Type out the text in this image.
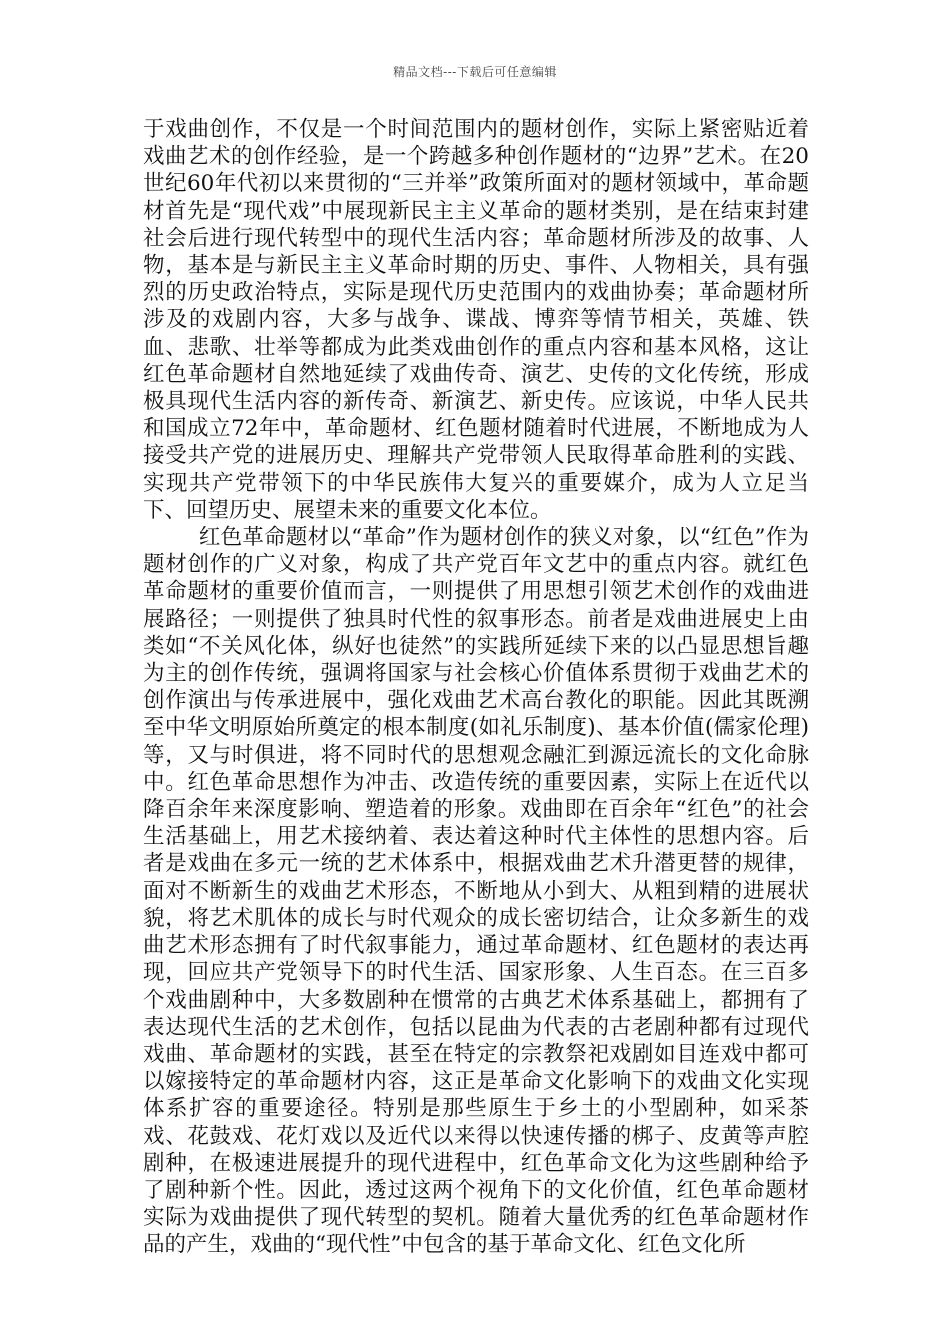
精品文档---下载后可任意编辑

于戏曲创作，不仅是一个时间范围内的题材创作，实际上紧密贴近着戏曲艺术的创作经验，是一个跨越多种创作题材的“边界”艺术。在20世纪60年代初以来贯彻的“三并举”政策所面对的题材领域中，革命题材首先是“现代戏”中展现新民主主义革命的题材类别，是在结束封建社会后进行现代转型中的现代生活内容；革命题材所涉及的故事、人物，基本是与新民主主义革命时期的历史、事件、人物相关，具有强烈的历史政治特点，实际是现代历史范围内的戏曲协奏；革命题材所涉及的戏剧内容，大多与战争、谍战、博弈等情节相关，英雄、铁血、悲歌、壮举等都成为此类戏曲创作的重点内容和基本风格，这让红色革命题材自然地延续了戏曲传奇、演艺、史传的文化传统，形成极具现代生活内容的新传奇、新演艺、新史传。应该说，中华人民共和国成立72年中，革命题材、红色题材随着时代进展，不断地成为人接受共产党的进展历史、理解共产党带领人民取得革命胜利的实践、实现共产党带领下的中华民族伟大复兴的重要媒介，成为人立足当下、回望历史、展望未来的重要文化本位。

红色革命题材以“革命”作为题材创作的狭义对象，以“红色”作为题材创作的广义对象，构成了共产党百年文艺中的重点内容。就红色革命题材的重要价值而言，一则提供了用思想引领艺术创作的戏曲进展路径；一则提供了独具时代性的叙事形态。前者是戏曲进展史上由类如“不关风化体，纵好也徒然”的实践所延续下来的以凸显思想旨趣为主的创作传统，强调将国家与社会核心价值体系贯彻于戏曲艺术的创作演出与传承进展中，强化戏曲艺术高台教化的职能。因此其既溯至中华文明原始所奠定的根本制度(如礼乐制度)、基本价值(儒家伦理)等，又与时俱进，将不同时代的思想观念融汇到源远流长的文化命脉中。红色革命思想作为冲击、改造传统的重要因素，实际上在近代以降百余年来深度影响、塑造着的形象。戏曲即在百余年“红色”的社会生活基础上，用艺术接纳着、表达着这种时代主体性的思想内容。后者是戏曲在多元一统的艺术体系中，根据戏曲艺术升潜更替的规律，面对不断新生的戏曲艺术形态，不断地从小到大、从粗到精的进展状貌，将艺术肌体的成长与时代观众的成长密切结合，让众多新生的戏曲艺术形态拥有了时代叙事能力，通过革命题材、红色题材的表达再现，回应共产党领导下的时代生活、国家形象、人生百态。在三百多个戏曲剧种中，大多数剧种在惯常的古典艺术体系基础上，都拥有了表达现代生活的艺术创作，包括以昆曲为代表的古老剧种都有过现代戏曲、革命题材的实践，甚至在特定的宗教祭祀戏剧如目连戏中都可以嫁接特定的革命题材内容，这正是革命文化影响下的戏曲文化实现体系扩容的重要途径。特别是那些原生于乡土的小型剧种，如采茶戏、花鼓戏、花灯戏以及近代以来得以快速传播的梆子、皮黄等声腔剧种，在极速进展提升的现代进程中，红色革命文化为这些剧种给予了剧种新个性。因此，透过这两个视角下的文化价值，红色革命题材实际为戏曲提供了现代转型的契机。随着大量优秀的红色革命题材作品的产生，戏曲的“现代性”中包含的基于革命文化、红色文化所
